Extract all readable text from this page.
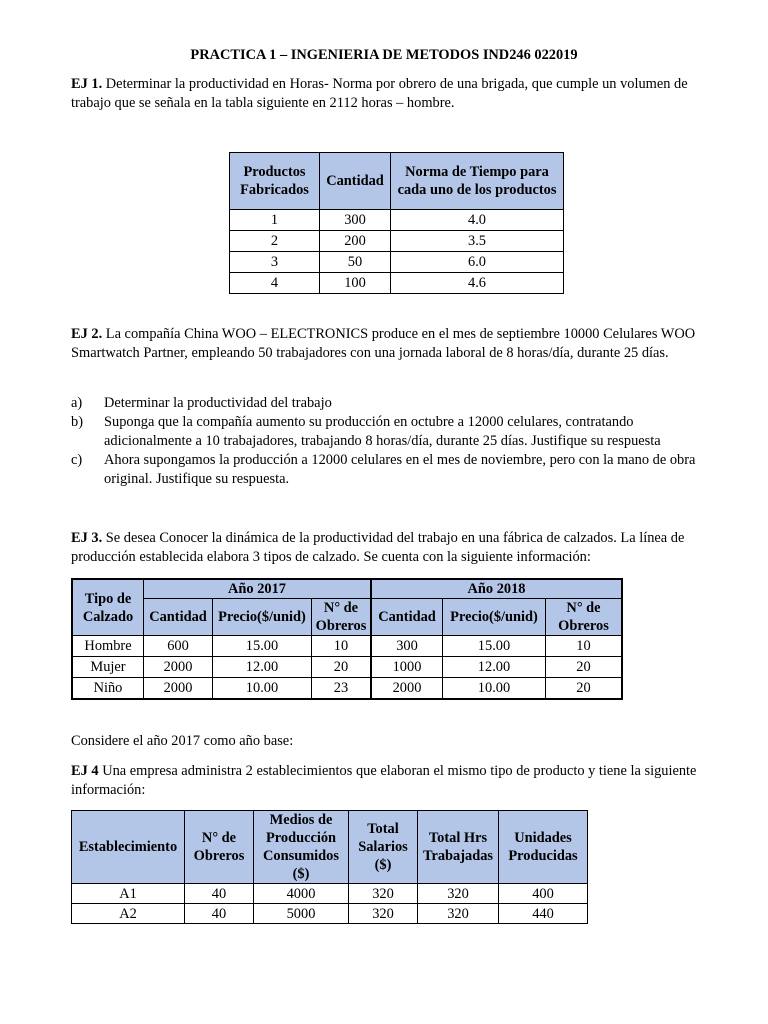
PRACTICA 1 – INGENIERIA DE METODOS IND246 022019

EJ 1. Determinar la productividad en Horas- Norma por obrero de una brigada, que cumple un volumen de trabajo que se señala en la tabla siguiente en 2112 horas – hombre.

Productos Fabricados	Cantidad	Norma de Tiempo para cada uno de los productos
1	300	4.0
2	200	3.5
3	50	6.0
4	100	4.6

EJ 2. La compañía China WOO – ELECTRONICS produce en el mes de septiembre 10000 Celulares WOO Smartwatch Partner, empleando 50 trabajadores con una jornada laboral de 8 horas/día, durante 25 días.

a)	Determinar la productividad del trabajo
b)	Suponga que la compañía aumento su producción en octubre a 12000 celulares, contratando adicionalmente a 10 trabajadores, trabajando 8 horas/día, durante 25 días. Justifique su respuesta
c)	Ahora supongamos la producción a 12000 celulares en el mes de noviembre, pero con la mano de obra original. Justifique su respuesta.

EJ 3. Se desea Conocer la dinámica de la productividad del trabajo en una fábrica de calzados. La línea de producción establecida elabora 3 tipos de calzado. Se cuenta con la siguiente información:

Tipo de Calzado	Año 2017			Año 2018		
	Cantidad	Precio($/unid)	N° de Obreros	Cantidad	Precio($/unid)	N° de Obreros
Hombre	600	15.00	10	300	15.00	10
Mujer	2000	12.00	20	1000	12.00	20
Niño	2000	10.00	23	2000	10.00	20

Considere el año 2017 como año base:

EJ 4 Una empresa administra 2 establecimientos que elaboran el mismo tipo de producto y tiene la siguiente información:

Establecimiento	N° de Obreros	Medios de Producción Consumidos ($)	Total Salarios ($)	Total Hrs Trabajadas	Unidades Producidas
A1	40	4000	320	320	400
A2	40	5000	320	320	440
